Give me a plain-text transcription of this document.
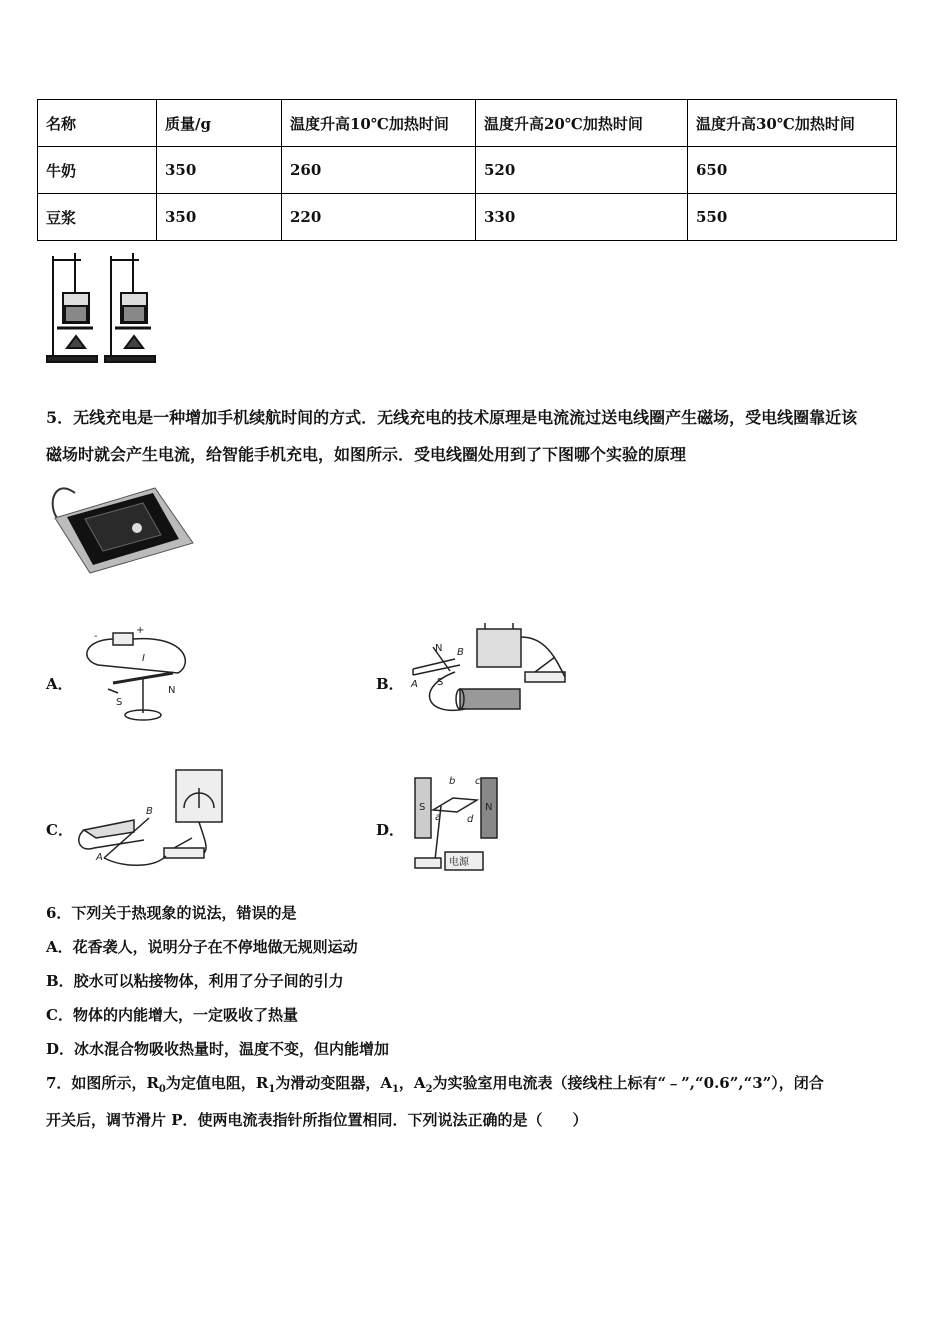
名称	质量/g	温度升高10℃加热时间	温度升高20℃加热时间	温度升高30℃加热时间
牛奶	350	260	520	650
豆浆	350	220	330	550
5．无线充电是一种增加手机续航时间的方式．无线充电的技术原理是电流流过送电线圈产生磁场，受电线圈靠近该
磁场时就会产生电流，给智能手机充电，如图所示．受电线圈处用到了下图哪个实验的原理
A．
-
+
I
S
N	B．
N B
A S
C．
B
A
D．
S
b c
a	d
N
电源
6．下列关于热现象的说法，错误的是
A．花香袭人，说明分子在不停地做无规则运动
B．胶水可以粘接物体，利用了分子间的引力
C．物体的内能增大，一定吸收了热量
D．冰水混合物吸收热量时，温度不变，但内能增加
7．如图所示，$R_0$为定值电阻，$R_1$为滑动变阻器，$A_1$，$A_2$为实验室用电流表（接线柱上标有“﹣”,“0.6”,“3”），闭合
开关后，调节滑片 P．使两电流表指针所指位置相同．下列说法正确的是（　　）
